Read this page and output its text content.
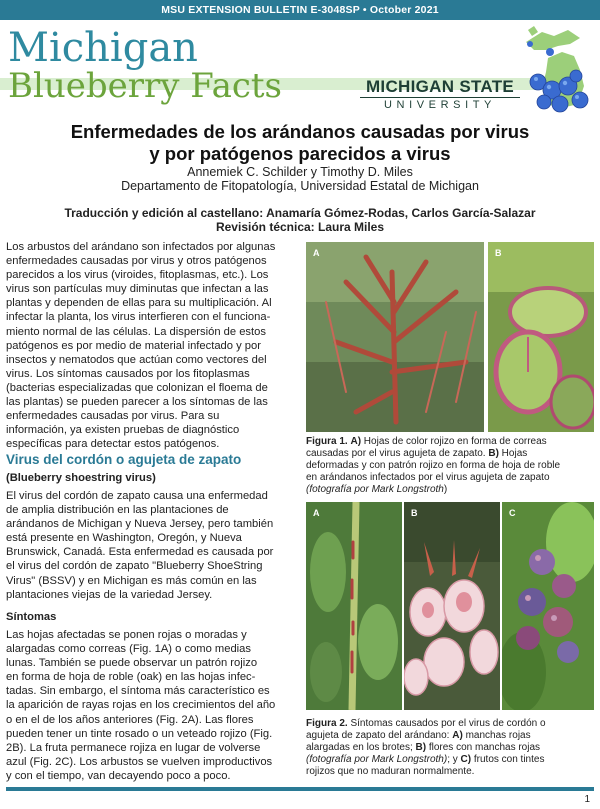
MSU EXTENSION BULLETIN E-3048SP • October 2021
Michigan
Blueberry Facts	MICHIGAN STATE
UNIVERSITY
Enfermedades de los arándanos causadas por virus
y por patógenos parecidos a virus
Annemiek C. Schilder y Timothy D. Miles
Departamento de Fitopatología, Universidad Estatal de Michigan
Traducción y edición al castellano: Anamaría Gómez-Rodas, Carlos García-Salazar
Revisión técnica: Laura Miles
Los arbustos del arándano son infectados por algunas
enfermedades causadas por virus y otros patógenos
parecidos a los virus (viroides, fitoplasmas, etc.). Los
virus son partículas muy diminutas que infectan a las
plantas y dependen de ellas para su multiplicación. Al
infectar la planta, los virus interfieren con el funciona-
miento normal de las células. La dispersión de estos
patógenos es por medio de material infectado y por
insectos y nematodos que actúan como vectores del
virus. Los síntomas causados por los fitoplasmas
(bacterias especializadas que colonizan el floema de
las plantas) se pueden parecer a los síntomas de las
enfermedades causadas por virus. Para su
información, ya existen pruebas de diagnóstico
específicas para detectar estos patógenos.
Virus del cordón o agujeta de zapato
(Blueberry shoestring virus)
El virus del cordón de zapato causa una enfermedad
de amplia distribución en las plantaciones de
arándanos de Michigan y Nueva Jersey, pero también
está presente en Washington, Oregón, y Nueva
Brunswick, Canadá. Esta enfermedad es causada por
el virus del cordón de zapato "Blueberry ShoeString
Virus" (BSSV) y en Michigan es más común en las
plantaciones viejas de la variedad Jersey.
Síntomas
Las hojas afectadas se ponen rojas o moradas y
alargadas como correas (Fig. 1A) o como medias
lunas. También se puede observar un patrón rojizo
en forma de hoja de roble (oak) en las hojas infec-
tadas. Sin embargo, el síntoma más característico es
la aparición de rayas rojas en los crecimientos del año
o en el de los años anteriores (Fig. 2A). Las flores
pueden tener un tinte rosado o un veteado rojizo (Fig.
2B). La fruta permanece rojiza en lugar de volverse
azul (Fig. 2C). Los arbustos se vuelven improductivos
y con el tiempo, van decayendo poco a poco.
A	B
Figura 1. A) Hojas de color rojizo en forma de correas
causadas por el virus agujeta de zapato. B) Hojas
deformadas y con patrón rojizo en forma de hoja de roble
en arándanos infectados por el virus agujeta de zapato
(fotografía por Mark Longstroth)
A	B	C
Figura 2. Síntomas causados por el virus de cordón o
agujeta de zapato del arándano: A) manchas rojas
alargadas en los brotes; B) flores con manchas rojas
(fotografía por Mark Longstroth); y C) frutos con tintes
rojizos que no maduran normalmente.
1
